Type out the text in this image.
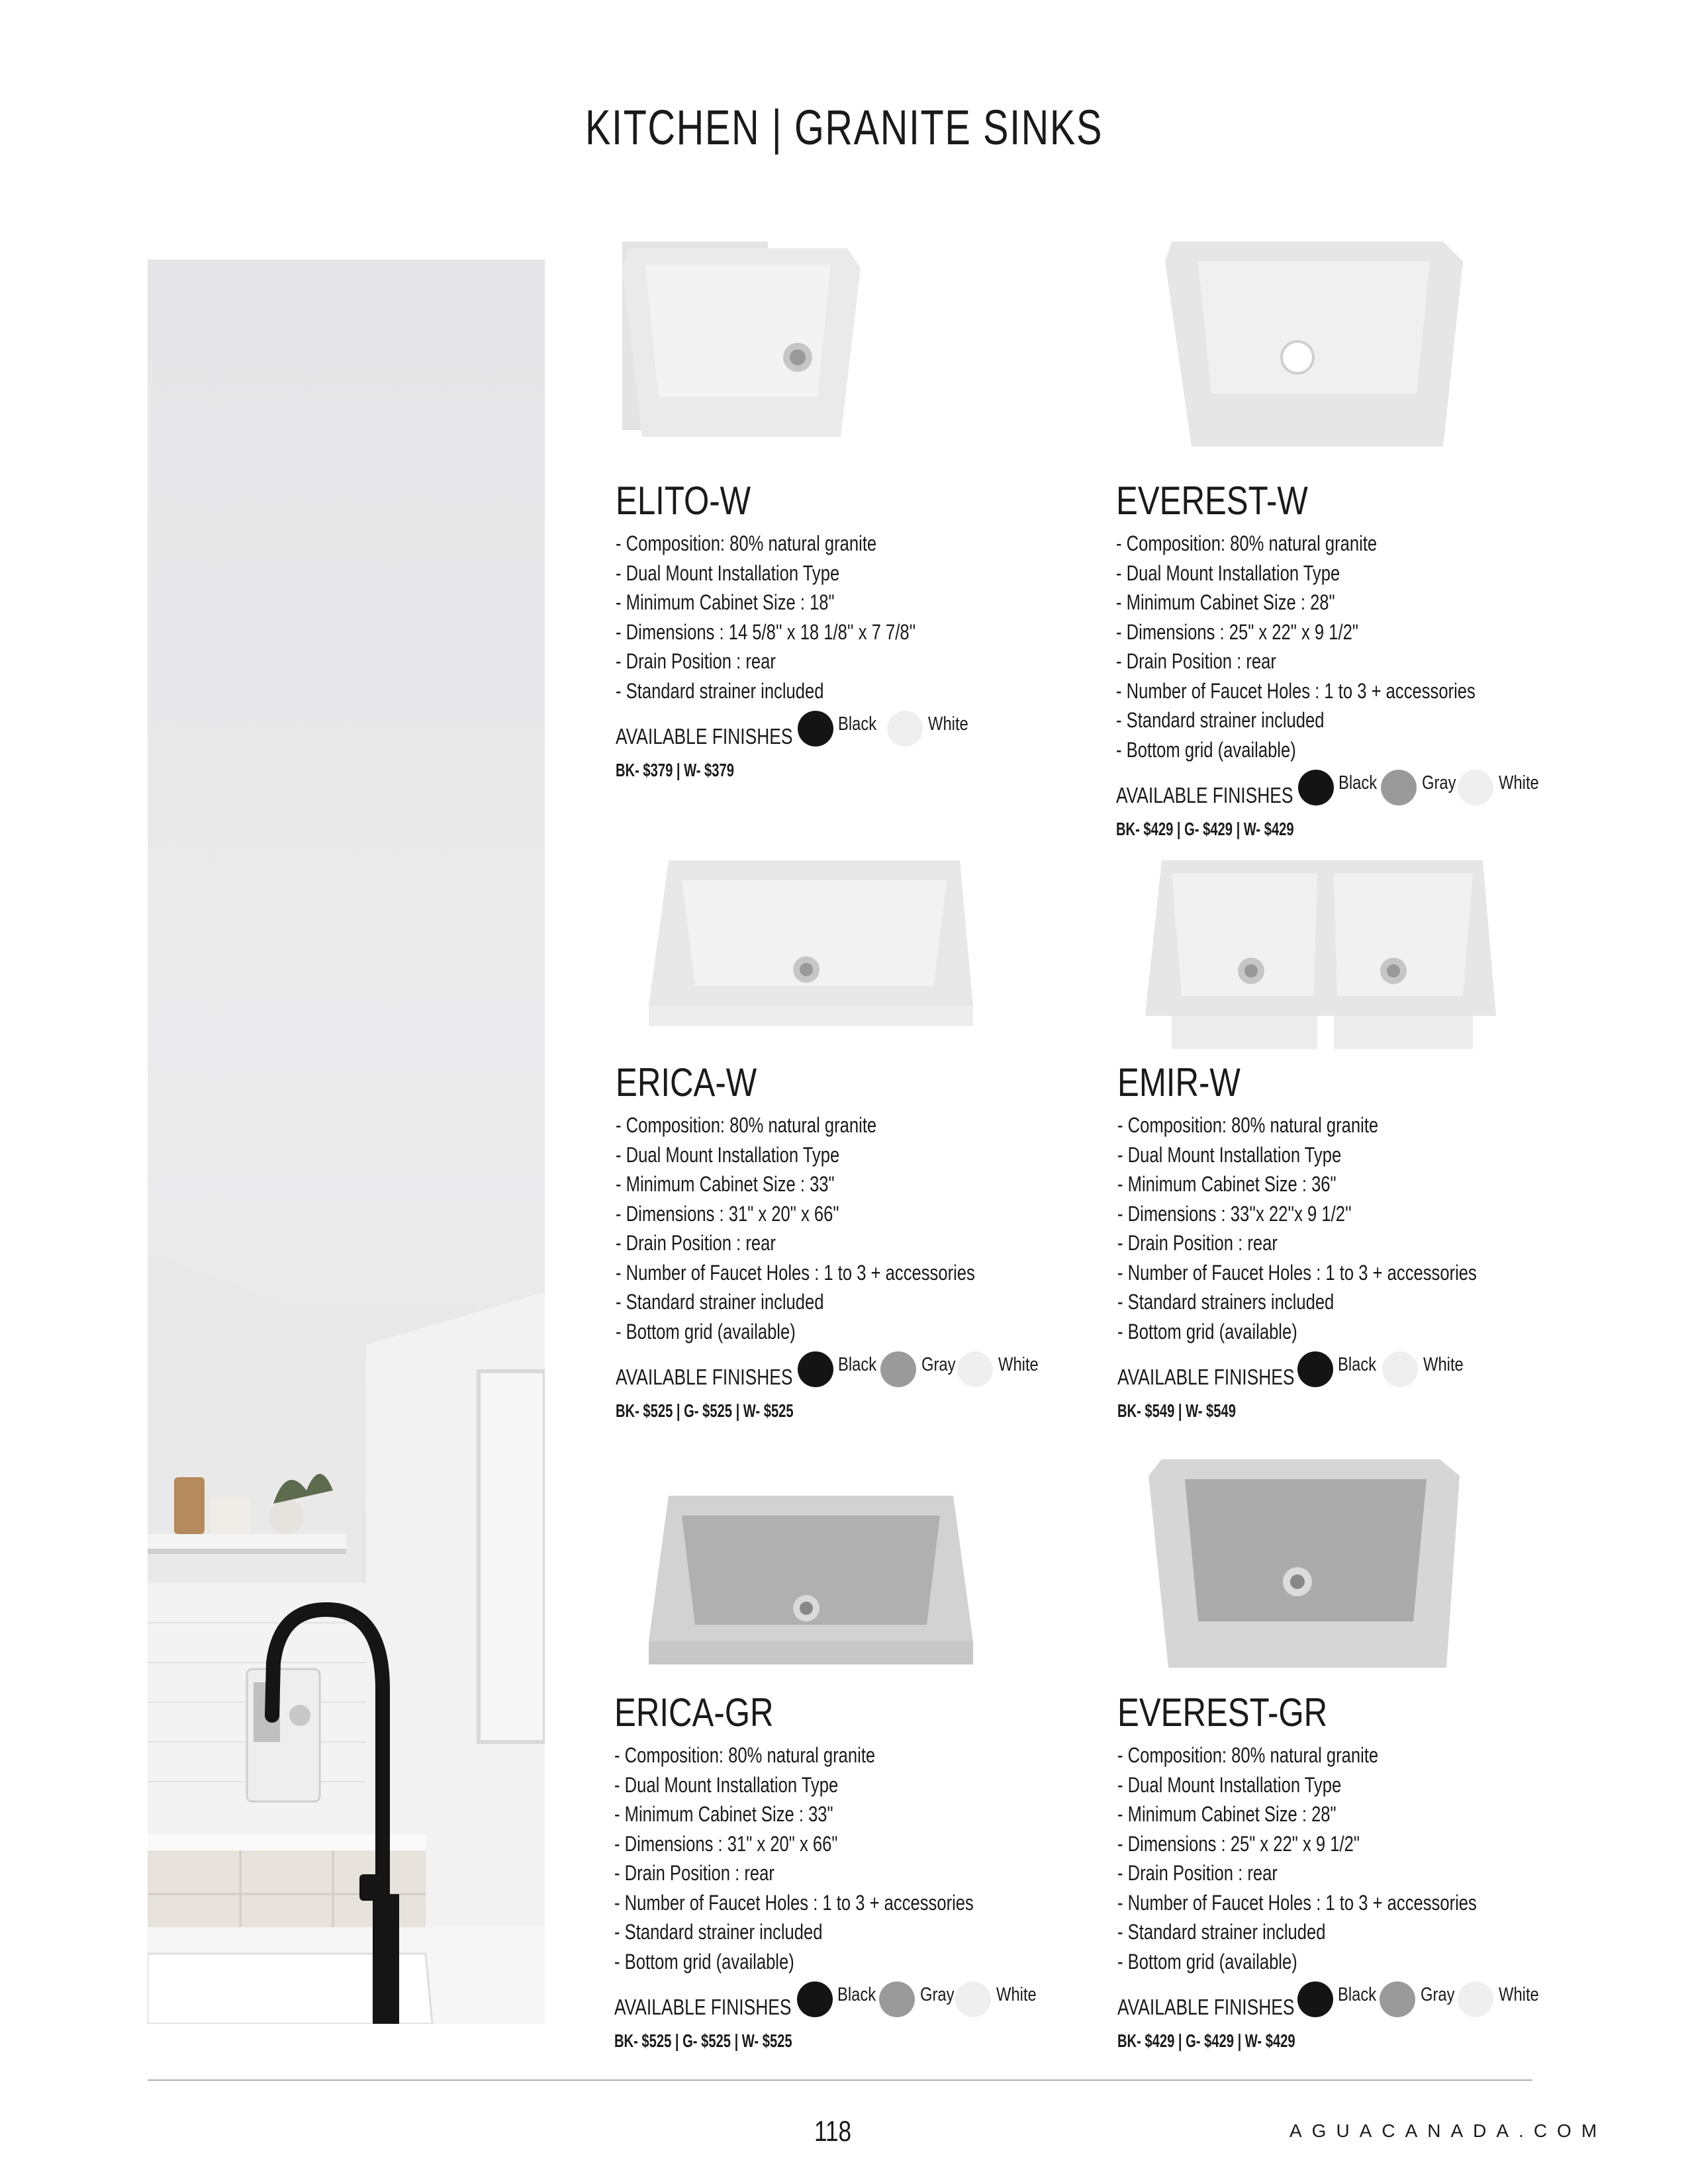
KITCHEN | GRANITE SINKS
ELITO-W
- Composition: 80% natural granite
- Dual Mount Installation Type
- Minimum Cabinet Size : 18"
- Dimensions : 14 5/8'' x 18 1/8'' x 7 7/8''
- Drain Position : rear
- Standard strainer included
AVAILABLE FINISHES Black	White
BK- $379 | W- $379
EVEREST-W
- Composition: 80% natural granite
- Dual Mount Installation Type
- Minimum Cabinet Size : 28"
- Dimensions : 25" x 22" x 9 1/2"
- Drain Position : rear
- Number of Faucet Holes : 1 to 3 + accessories
- Standard strainer included
- Bottom grid (available)
AVAILABLE FINISHES Black Gray White
BK- $429 | G- $429 | W- $429
ERICA-W
- Composition: 80% natural granite
- Dual Mount Installation Type
- Minimum Cabinet Size : 33"
- Dimensions : 31" x 20" x 66"
- Drain Position : rear
- Number of Faucet Holes : 1 to 3 + accessories
- Standard strainer included
- Bottom grid (available)
AVAILABLE FINISHES Black Gray White
BK- $525 | G- $525 | W- $525
EMIR-W
- Composition: 80% natural granite
- Dual Mount Installation Type
- Minimum Cabinet Size : 36"
- Dimensions : 33''x 22''x 9 1/2''
- Drain Position : rear
- Number of Faucet Holes : 1 to 3 + accessories
- Standard strainers included
- Bottom grid (available)
AVAILABLE FINISHES Black White
BK- $549 | W- $549
ERICA-GR
- Composition: 80% natural granite
- Dual Mount Installation Type
- Minimum Cabinet Size : 33"
- Dimensions : 31" x 20" x 66"
- Drain Position : rear
- Number of Faucet Holes : 1 to 3 + accessories
- Standard strainer included
- Bottom grid (available)
AVAILABLE FINISHES Black Gray White
BK- $525 | G- $525 | W- $525
EVEREST-GR
- Composition: 80% natural granite
- Dual Mount Installation Type
- Minimum Cabinet Size : 28"
- Dimensions : 25" x 22" x 9 1/2"
- Drain Position : rear
- Number of Faucet Holes : 1 to 3 + accessories
- Standard strainer included
- Bottom grid (available)
AVAILABLE FINISHES Black Gray White
BK- $429 | G- $429 | W- $429
118	AGUACANADA.COM
